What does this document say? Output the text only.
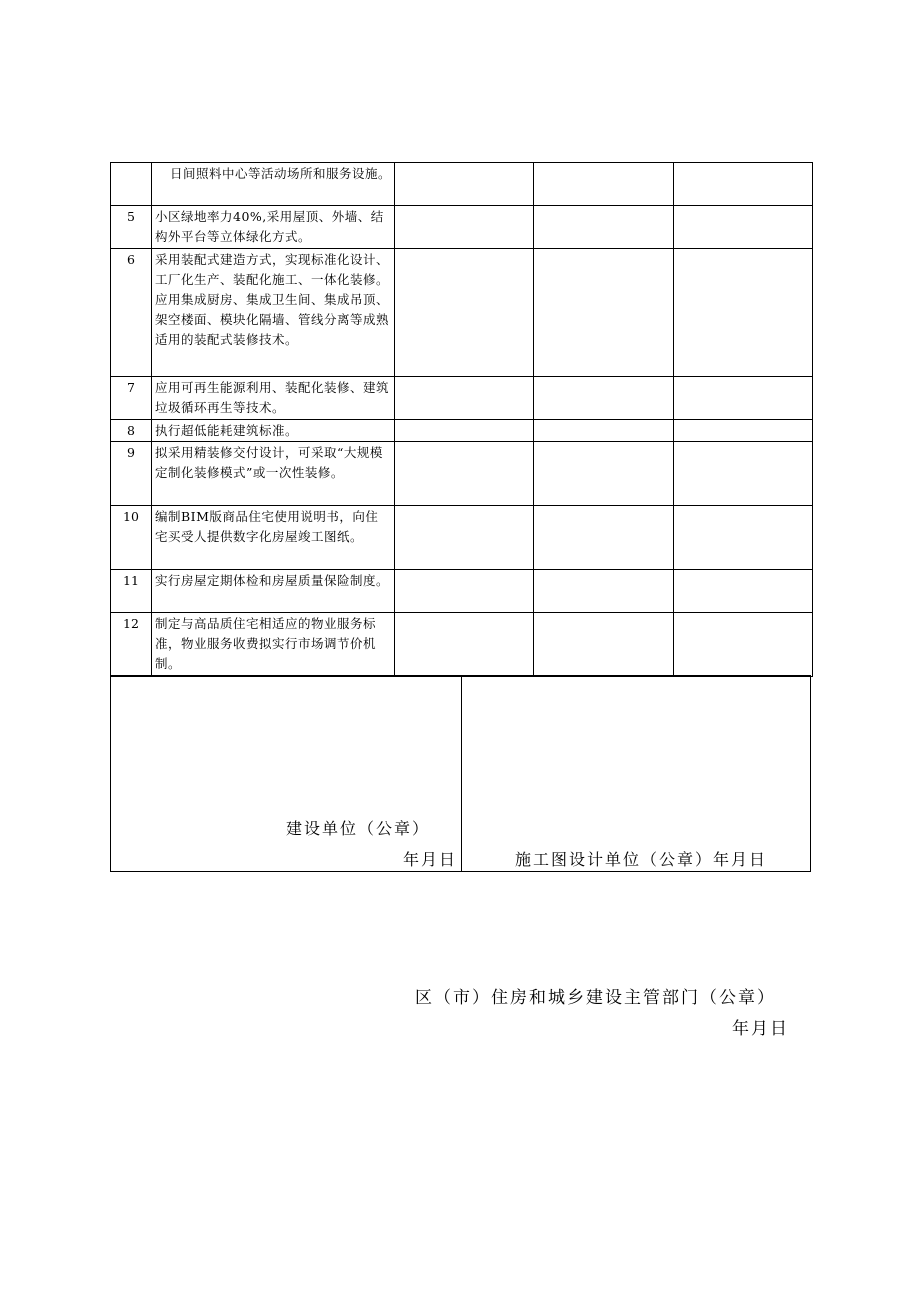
	日间照料中心等活动场所和服务设施。			
5	小区绿地率力40%,采用屋顶、外墙、结构外平台等立体绿化方式。			
6	采用装配式建造方式，实现标准化设计、工厂化生产、装配化施工、一体化装修。应用集成厨房、集成卫生间、集成吊顶、架空楼面、模块化隔墙、管线分离等成熟适用的装配式装修技术。			
7	应用可再生能源利用、装配化装修、建筑垃圾循环再生等技术。			
8	执行超低能耗建筑标准。			
9	拟采用精装修交付设计，可采取“大规模定制化装修模式”或一次性装修。			
10	编制BIM版商品住宅使用说明书，向住宅买受人提供数字化房屋竣工图纸。			
11	实行房屋定期体检和房屋质量保险制度。			
12	制定与高品质住宅相适应的物业服务标准，物业服务收费拟实行市场调节价机制。			
建设单位（公章）
年月日	施工图设计单位（公章）年月日
区（市）住房和城乡建设主管部门（公章）
年月日
